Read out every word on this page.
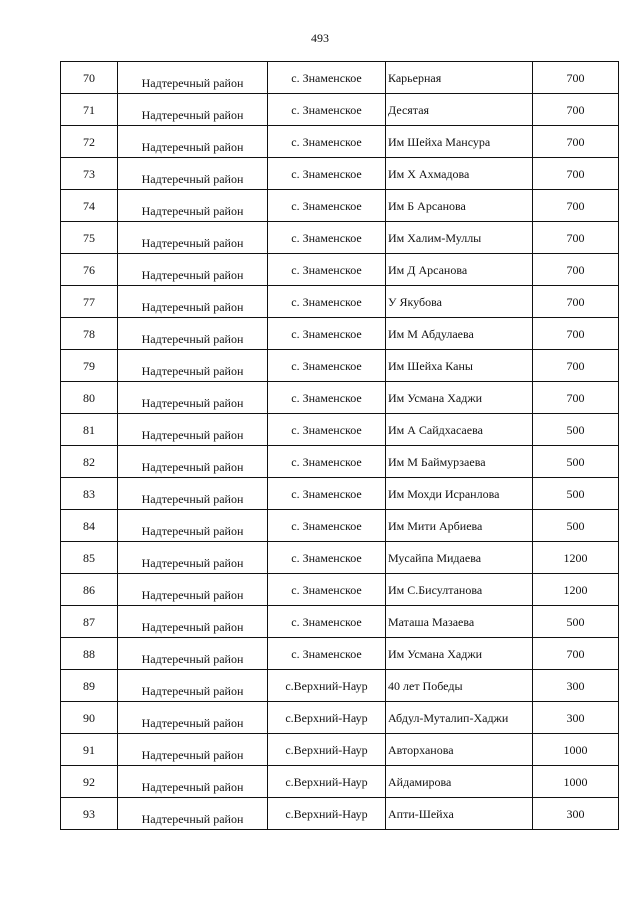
493
70	Надтеречный район	с. Знаменское	Карьерная	700
71	Надтеречный район	с. Знаменское	Десятая	700
72	Надтеречный район	с. Знаменское	Им Шейха Мансура	700
73	Надтеречный район	с. Знаменское	Им Х Ахмадова	700
74	Надтеречный район	с. Знаменское	Им Б Арсанова	700
75	Надтеречный район	с. Знаменское	Им Халим-Муллы	700
76	Надтеречный район	с. Знаменское	Им Д Арсанова	700
77	Надтеречный район	с. Знаменское	У Якубова	700
78	Надтеречный район	с. Знаменское	Им М Абдулаева	700
79	Надтеречный район	с. Знаменское	Им Шейха Каны	700
80	Надтеречный район	с. Знаменское	Им Усмана Хаджи	700
81	Надтеречный район	с. Знаменское	Им А Сайдхасаева	500
82	Надтеречный район	с. Знаменское	Им М Баймурзаева	500
83	Надтеречный район	с. Знаменское	Им Мохди Исранлова	500
84	Надтеречный район	с. Знаменское	Им Мити Арбиева	500
85	Надтеречный район	с. Знаменское	Мусайпа Мидаева	1200
86	Надтеречный район	с. Знаменское	Им С.Бисултанова	1200
87	Надтеречный район	с. Знаменское	Маташа Мазаева	500
88	Надтеречный район	с. Знаменское	Им Усмана Хаджи	700
89	Надтеречный район	с.Верхний-Наур	40 лет Победы	300
90	Надтеречный район	с.Верхний-Наур	Абдул-Муталип-Хаджи	300
91	Надтеречный район	с.Верхний-Наур	Авторханова	1000
92	Надтеречный район	с.Верхний-Наур	Айдамирова	1000
93	Надтеречный район	с.Верхний-Наур	Апти-Шейха	300
